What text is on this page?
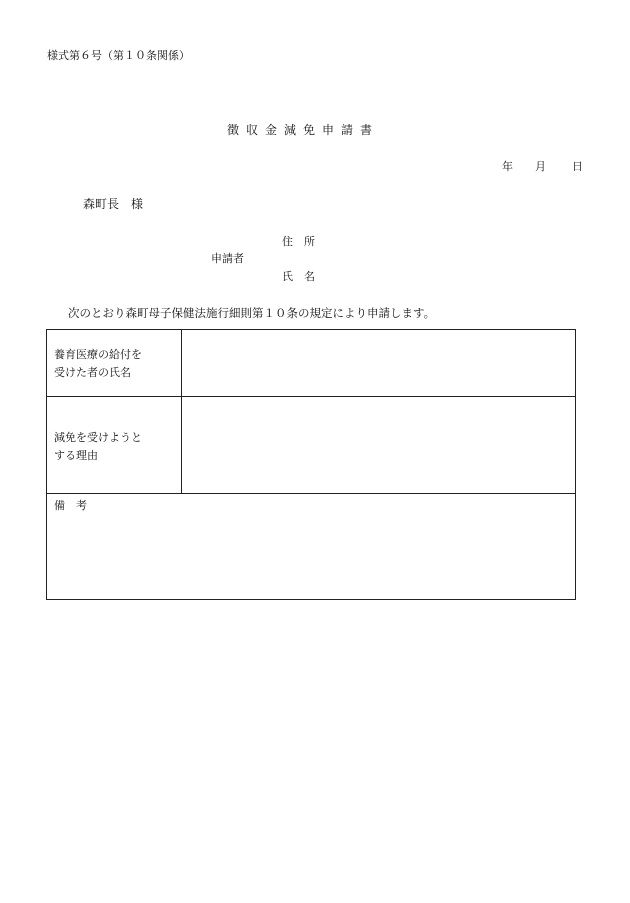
様式第６号（第１０条関係）
徴収金減免申請書
年 月 日
森町長　様
住　所
申請者
氏　名
次のとおり森町母子保健法施行細則第１０条の規定により申請します。
養育医療の給付を
受けた者の氏名
減免を受けようと
する理由
備　考
